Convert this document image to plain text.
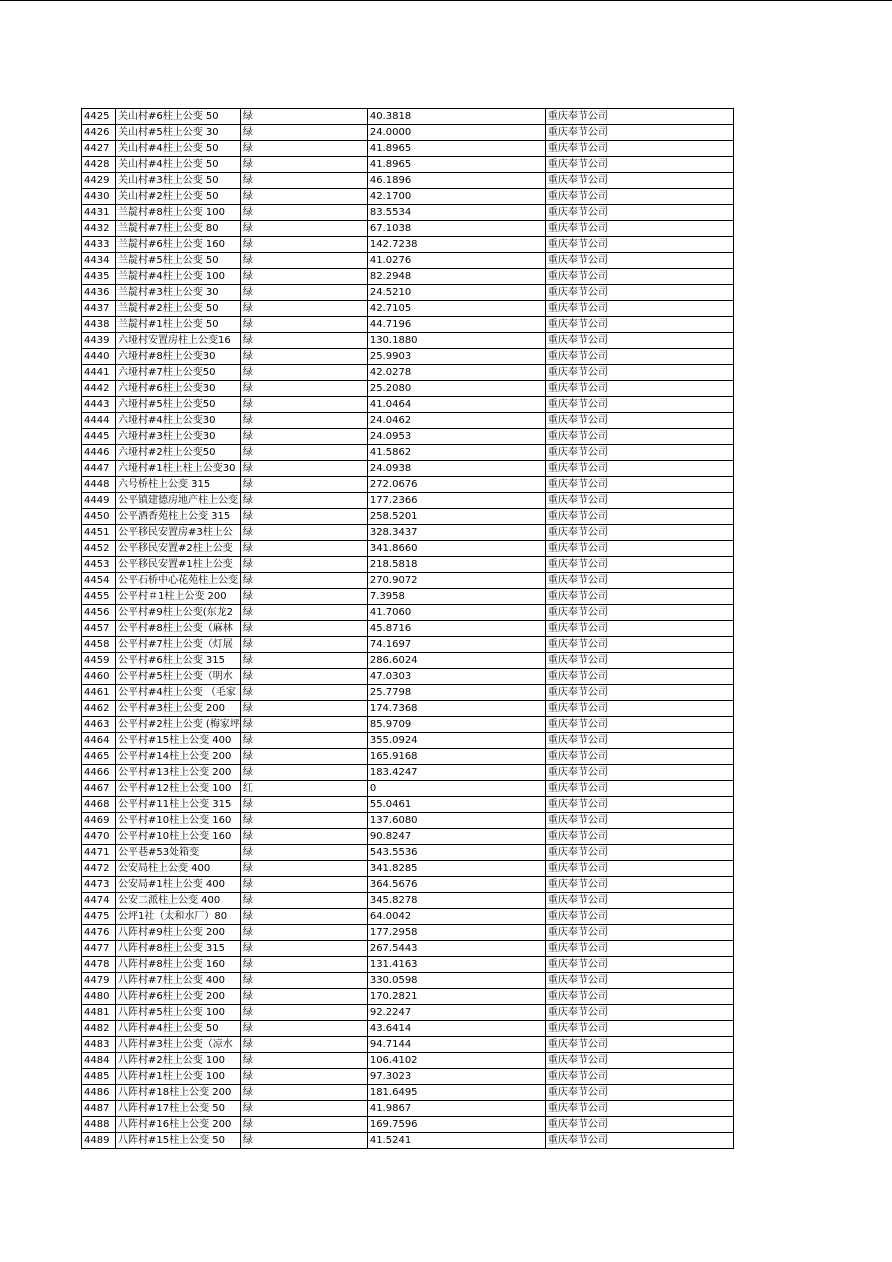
4425	关山村#6柱上公变 50	绿	40.3818	重庆奉节公司
4426	关山村#5柱上公变 30	绿	24.0000	重庆奉节公司
4427	关山村#4柱上公变 50	绿	41.8965	重庆奉节公司
4428	关山村#4柱上公变 50	绿	41.8965	重庆奉节公司
4429	关山村#3柱上公变 50	绿	46.1896	重庆奉节公司
4430	关山村#2柱上公变 50	绿	42.1700	重庆奉节公司
4431	兰靛村#8柱上公变 100	绿	83.5534	重庆奉节公司
4432	兰靛村#7柱上公变 80	绿	67.1038	重庆奉节公司
4433	兰靛村#6柱上公变 160	绿	142.7238	重庆奉节公司
4434	兰靛村#5柱上公变 50	绿	41.0276	重庆奉节公司
4435	兰靛村#4柱上公变 100	绿	82.2948	重庆奉节公司
4436	兰靛村#3柱上公变 30	绿	24.5210	重庆奉节公司
4437	兰靛村#2柱上公变 50	绿	42.7105	重庆奉节公司
4438	兰靛村#1柱上公变 50	绿	44.7196	重庆奉节公司
4439	六垭村安置房柱上公变16	绿	130.1880	重庆奉节公司
4440	六垭村#8柱上公变30	绿	25.9903	重庆奉节公司
4441	六垭村#7柱上公变50	绿	42.0278	重庆奉节公司
4442	六垭村#6柱上公变30	绿	25.2080	重庆奉节公司
4443	六垭村#5柱上公变50	绿	41.0464	重庆奉节公司
4444	六垭村#4柱上公变30	绿	24.0462	重庆奉节公司
4445	六垭村#3柱上公变30	绿	24.0953	重庆奉节公司
4446	六垭村#2柱上公变50	绿	41.5862	重庆奉节公司
4447	六垭村#1柱上柱上公变30	绿	24.0938	重庆奉节公司
4448	六号桥柱上公变 315	绿	272.0676	重庆奉节公司
4449	公平镇建德房地产柱上公变	绿	177.2366	重庆奉节公司
4450	公平酒香苑柱上公变 315	绿	258.5201	重庆奉节公司
4451	公平移民安置房#3柱上公	绿	328.3437	重庆奉节公司
4452	公平移民安置#2柱上公变	绿	341.8660	重庆奉节公司
4453	公平移民安置#1柱上公变	绿	218.5818	重庆奉节公司
4454	公平石桥中心花苑柱上公变	绿	270.9072	重庆奉节公司
4455	公平村＃1柱上公变 200	绿	7.3958	重庆奉节公司
4456	公平村#9柱上公变(东龙2	绿	41.7060	重庆奉节公司
4457	公平村#8柱上公变（麻林	绿	45.8716	重庆奉节公司
4458	公平村#7柱上公变（灯展	绿	74.1697	重庆奉节公司
4459	公平村#6柱上公变 315	绿	286.6024	重庆奉节公司
4460	公平村#5柱上公变（明水	绿	47.0303	重庆奉节公司
4461	公平村#4柱上公变 （毛家	绿	25.7798	重庆奉节公司
4462	公平村#3柱上公变 200	绿	174.7368	重庆奉节公司
4463	公平村#2柱上公变 (梅家坪	绿	85.9709	重庆奉节公司
4464	公平村#15柱上公变 400	绿	355.0924	重庆奉节公司
4465	公平村#14柱上公变 200	绿	165.9168	重庆奉节公司
4466	公平村#13柱上公变 200	绿	183.4247	重庆奉节公司
4467	公平村#12柱上公变 100	红	0	重庆奉节公司
4468	公平村#11柱上公变 315	绿	55.0461	重庆奉节公司
4469	公平村#10柱上公变 160	绿	137.6080	重庆奉节公司
4470	公平村#10柱上公变 160	绿	90.8247	重庆奉节公司
4471	公平巷#53处箱变	绿	543.5536	重庆奉节公司
4472	公安局柱上公变 400	绿	341.8285	重庆奉节公司
4473	公安局#1柱上公变 400	绿	364.5676	重庆奉节公司
4474	公安二派柱上公变 400	绿	345.8278	重庆奉节公司
4475	公坪1社（太和水厂）80	绿	64.0042	重庆奉节公司
4476	八阵村#9柱上公变 200	绿	177.2958	重庆奉节公司
4477	八阵村#8柱上公变 315	绿	267.5443	重庆奉节公司
4478	八阵村#8柱上公变 160	绿	131.4163	重庆奉节公司
4479	八阵村#7柱上公变 400	绿	330.0598	重庆奉节公司
4480	八阵村#6柱上公变 200	绿	170.2821	重庆奉节公司
4481	八阵村#5柱上公变 100	绿	92.2247	重庆奉节公司
4482	八阵村#4柱上公变 50	绿	43.6414	重庆奉节公司
4483	八阵村#3柱上公变（凉水	绿	94.7144	重庆奉节公司
4484	八阵村#2柱上公变 100	绿	106.4102	重庆奉节公司
4485	八阵村#1柱上公变 100	绿	97.3023	重庆奉节公司
4486	八阵村#18柱上公变 200	绿	181.6495	重庆奉节公司
4487	八阵村#17柱上公变 50	绿	41.9867	重庆奉节公司
4488	八阵村#16柱上公变 200	绿	169.7596	重庆奉节公司
4489	八阵村#15柱上公变 50	绿	41.5241	重庆奉节公司
